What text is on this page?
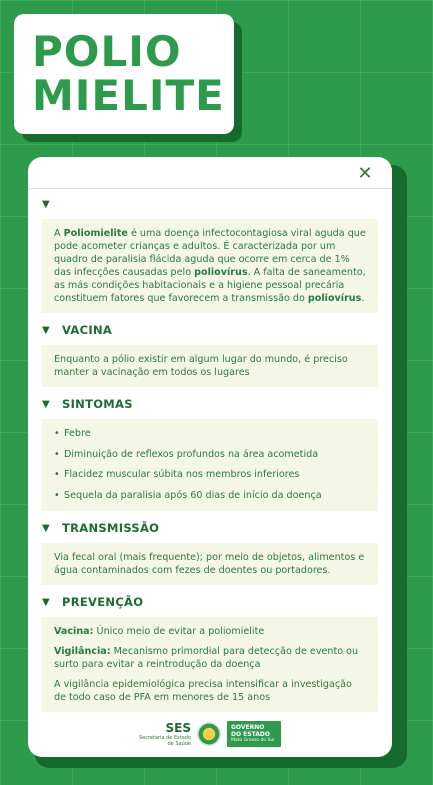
POLIO
MIELITE
✕
▼
A Poliomielite é uma doença infectocontagiosa viral aguda que pode acometer crianças e adultos. É caracterizada por um quadro de paralisia flácida aguda que ocorre em cerca de 1% das infecções causadas pelo poliovírus. A falta de saneamento, as más condições habitacionais e a higiene pessoal precária constituem fatores que favorecem a transmissão do poliovírus.
▼ VACINA
Enquanto a pólio existir em algum lugar do mundo, é preciso manter a vacinação em todos os lugares
▼ SINTOMAS
• Febre
• Diminuição de reflexos profundos na área acometida
• Flacidez muscular súbita nos membros inferiores
• Sequela da paralisia após 60 dias de início da doença
▼ TRANSMISSÃO
Via fecal oral (mais frequente); por meio de objetos, alimentos e água contaminados com fezes de doentes ou portadores.
▼ PREVENÇÃO

Vacina: Único meio de evitar a poliomielite

Vigilância: Mecanismo primordial para detecção de evento ou surto para evitar a reintrodução da doença

A vigilância epidemiológica precisa intensificar a investigação de todo caso de PFA em menores de 15 anos

SES
Secretaria de Estado
de Saúde
GOVERNO
DO ESTADO
Mato Grosso do Sul
